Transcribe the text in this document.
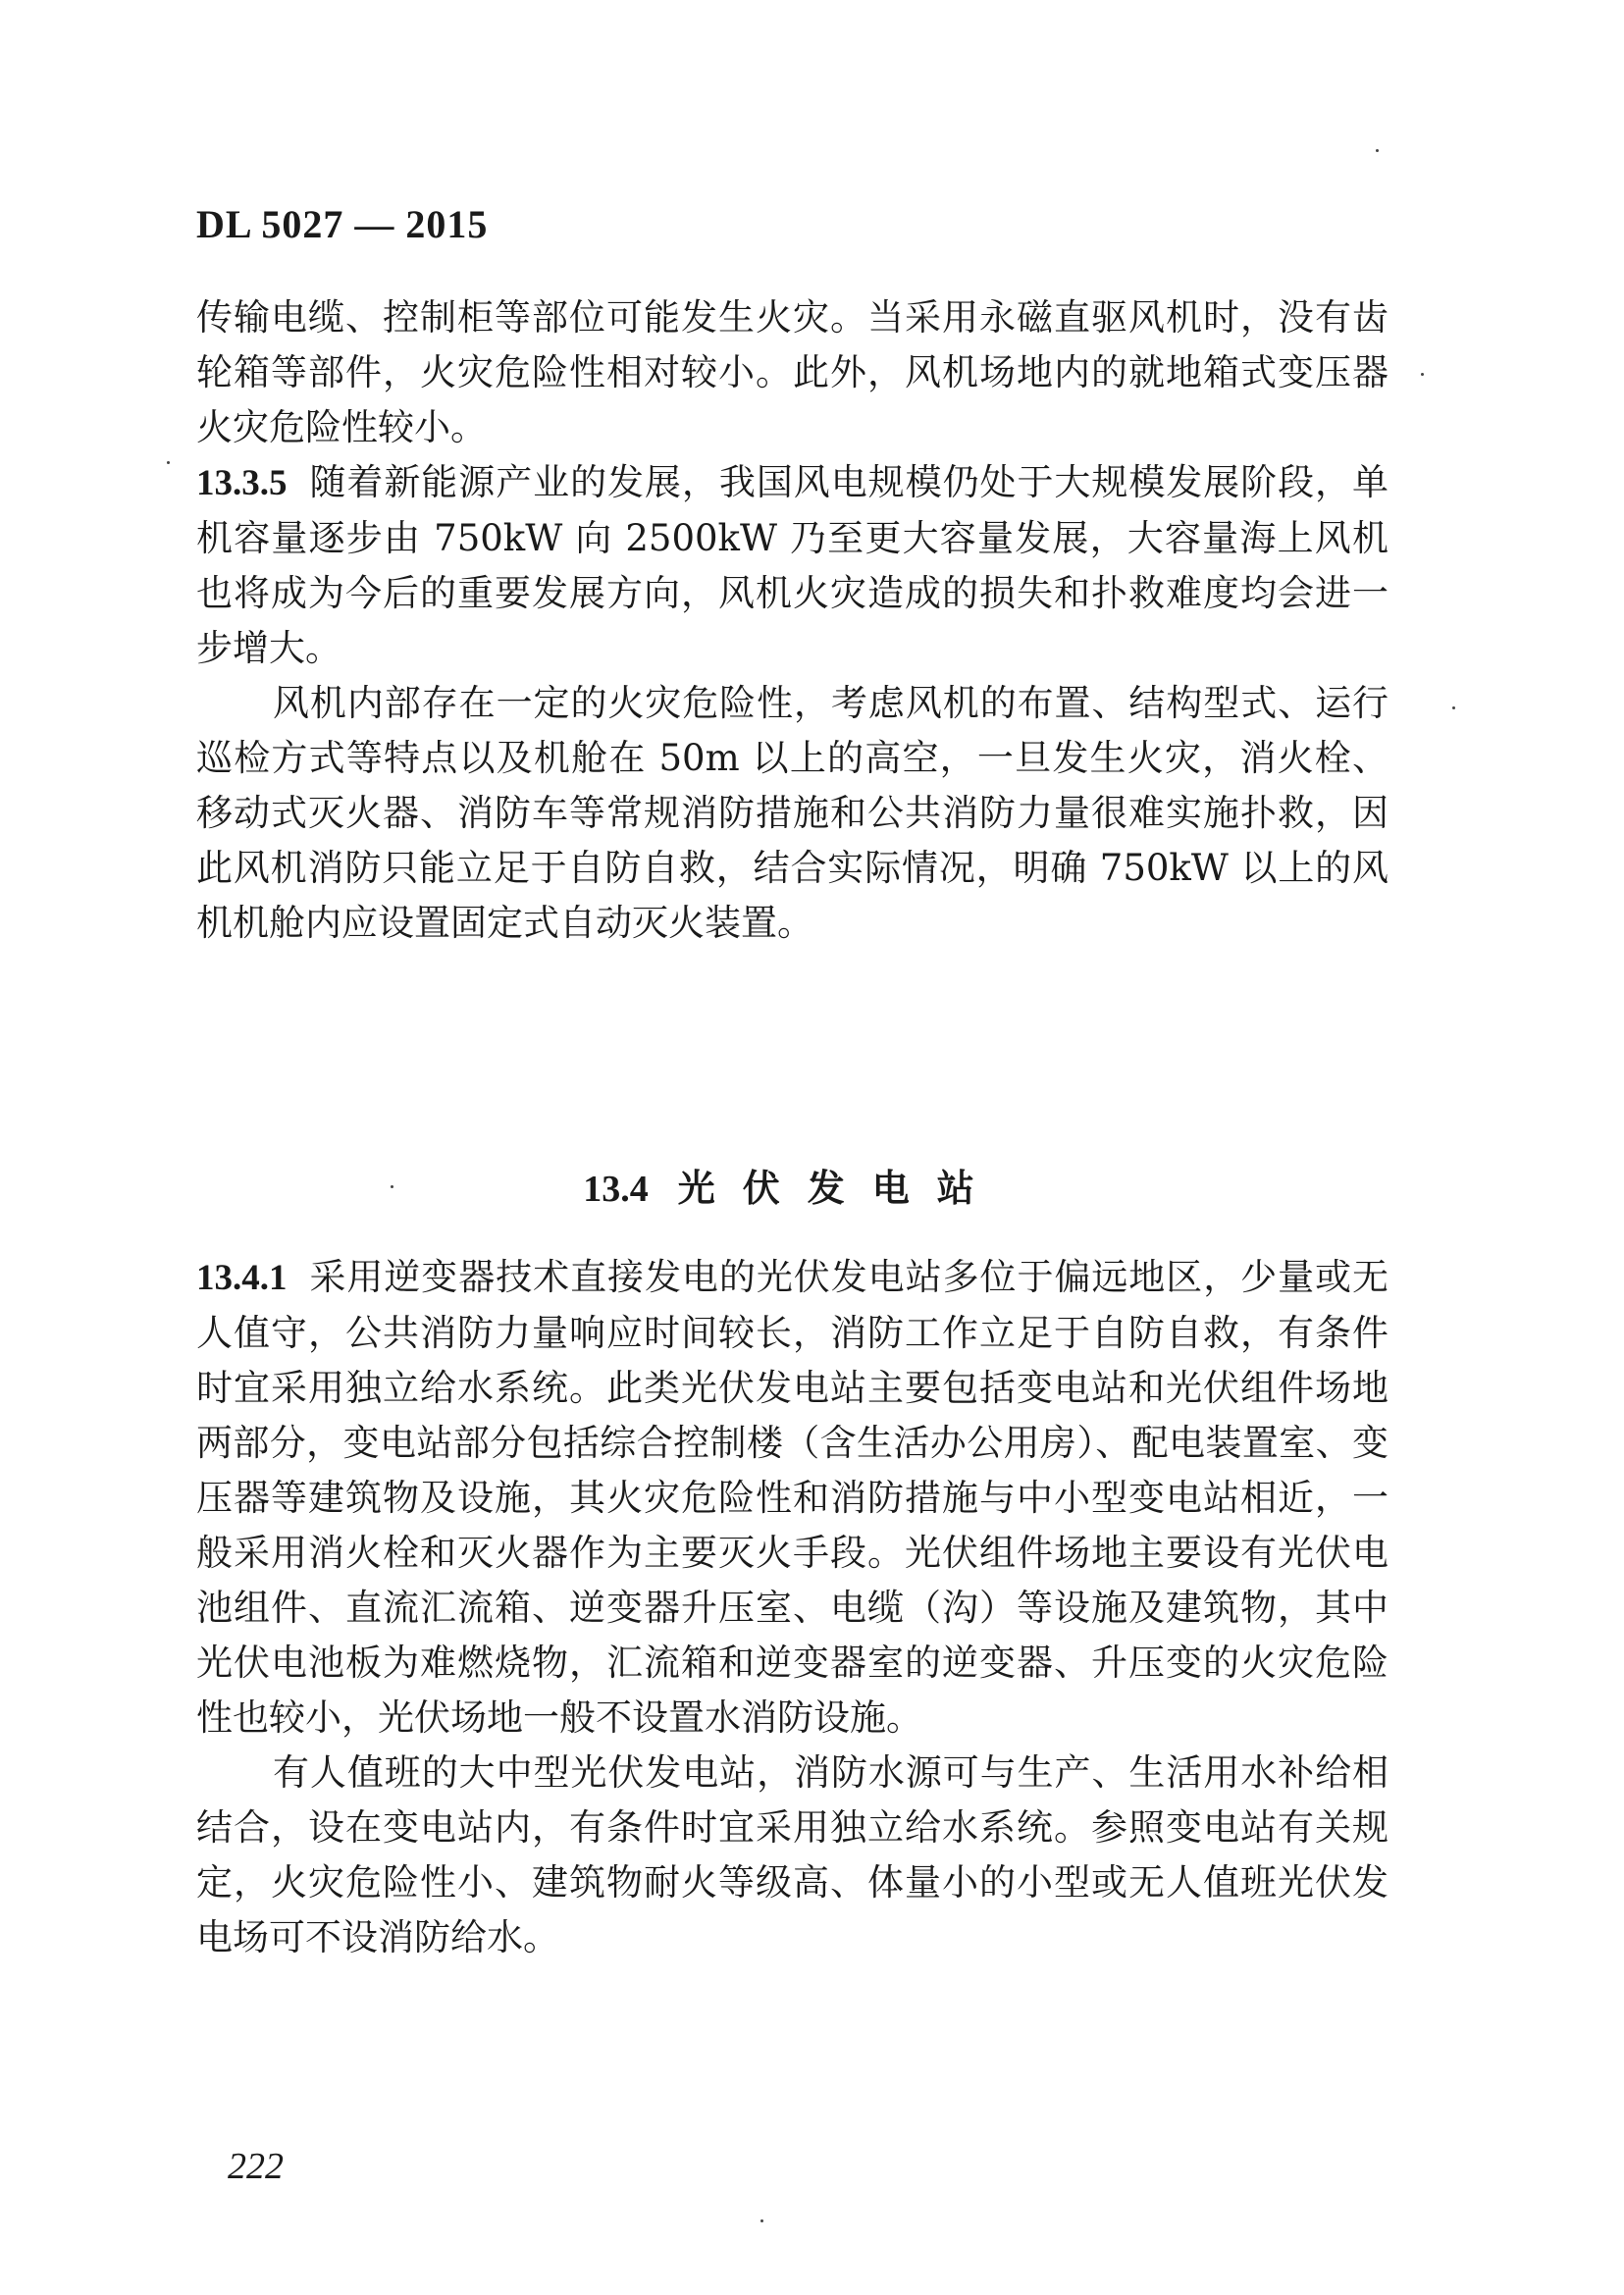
DL 5027 — 2015

传输电缆、控制柜等部位可能发生火灾。当采用永磁直驱风机时，没有齿轮箱等部件，火灾危险性相对较小。此外，风机场地内的就地箱式变压器火灾危险性较小。

13.3.5 随着新能源产业的发展，我国风电规模仍处于大规模发展阶段，单机容量逐步由 750kW 向 2500kW 乃至更大容量发展，大容量海上风机也将成为今后的重要发展方向，风机火灾造成的损失和扑救难度均会进一步增大。

风机内部存在一定的火灾危险性，考虑风机的布置、结构型式、运行巡检方式等特点以及机舱在 50m 以上的高空，一旦发生火灾，消火栓、移动式灭火器、消防车等常规消防措施和公共消防力量很难实施扑救，因此风机消防只能立足于自防自救，结合实际情况，明确 750kW 以上的风机机舱内应设置固定式自动灭火装置。

13.4 光伏发电站

13.4.1 采用逆变器技术直接发电的光伏发电站多位于偏远地区，少量或无人值守，公共消防力量响应时间较长，消防工作立足于自防自救，有条件时宜采用独立给水系统。此类光伏发电站主要包括变电站和光伏组件场地两部分，变电站部分包括综合控制楼（含生活办公用房）、配电装置室、变压器等建筑物及设施，其火灾危险性和消防措施与中小型变电站相近，一般采用消火栓和灭火器作为主要灭火手段。光伏组件场地主要设有光伏电池组件、直流汇流箱、逆变器升压室、电缆（沟）等设施及建筑物，其中光伏电池板为难燃烧物，汇流箱和逆变器室的逆变器、升压变的火灾危险性也较小，光伏场地一般不设置水消防设施。

有人值班的大中型光伏发电站，消防水源可与生产、生活用水补给相结合，设在变电站内，有条件时宜采用独立给水系统。参照变电站有关规定，火灾危险性小、建筑物耐火等级高、体量小的小型或无人值班光伏发电场可不设消防给水。

222
